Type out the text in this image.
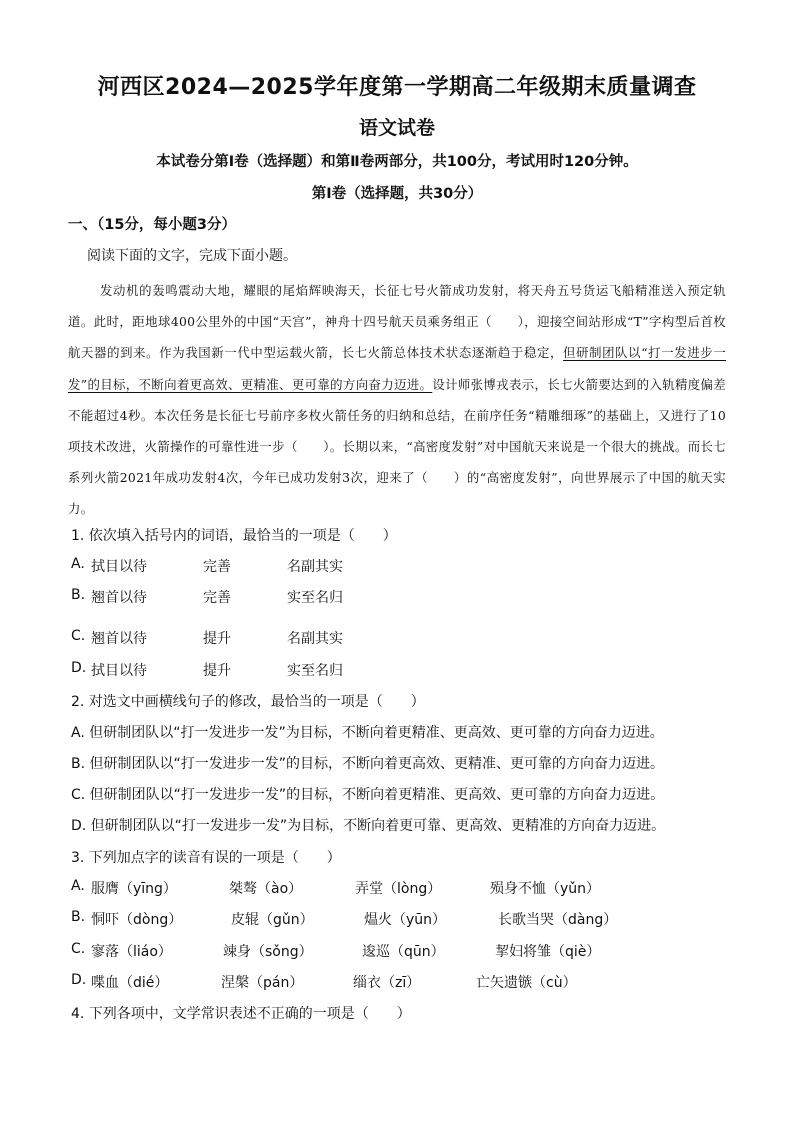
河西区2024—2025学年度第一学期高二年级期末质量调查
语文试卷
本试卷分第Ⅰ卷（选择题）和第Ⅱ卷两部分，共100分，考试用时120分钟。
第Ⅰ卷（选择题，共30分）
一、（15分，每小题3分）
阅读下面的文字，完成下面小题。
发动机的轰鸣震动大地，耀眼的尾焰辉映海天，长征七号火箭成功发射，将天舟五号货运飞船精准送入预定轨道。此时，距地球400公里外的中国“天宫”，神舟十四号航天员乘务组正（　　），迎接空间站形成“T”字构型后首枚航天器的到来。作为我国新一代中型运载火箭，长七火箭总体技术状态逐渐趋于稳定，但研制团队以“打一发进步一发”的目标，不断向着更高效、更精准、更可靠的方向奋力迈进。设计师张博戎表示，长七火箭要达到的入轨精度偏差不能超过4秒。本次任务是长征七号前序多枚火箭任务的归纳和总结，在前序任务“精雕细琢”的基础上，又进行了10项技术改进，火箭操作的可靠性进一步（　　）。长期以来，“高密度发射”对中国航天来说是一个很大的挑战。而长七系列火箭2021年成功发射4次，今年已成功发射3次，迎来了（　　）的“高密度发射”，向世界展示了中国的航天实力。
1. 依次填入括号内的词语，最恰当的一项是（　　）
A. 拭目以待	完善	名副其实
B. 翘首以待	完善	实至名归
C. 翘首以待	提升	名副其实
D. 拭目以待	提升	实至名归
2. 对选文中画横线句子的修改，最恰当的一项是（　　）
A. 但研制团队以“打一发进步一发”为目标，不断向着更精准、更高效、更可靠的方向奋力迈进。
B. 但研制团队以“打一发进步一发”的目标，不断向着更高效、更精准、更可靠的方向奋力迈进。
C. 但研制团队以“打一发进步一发”的目标，不断向着更精准、更高效、更可靠的方向奋力迈进。
D. 但研制团队以“打一发进步一发”为目标，不断向着更可靠、更高效、更精准的方向奋力迈进。
3. 下列加点字的读音有误的一项是（　　）
A. 服膺（yīng）	桀骜（ào）	弄堂（lòng）	殒身不恤（yǔn）
B. 恫吓（dòng）	皮辊（gǔn）	煴火（yūn）	长歌当哭（dàng）
C. 寥落（liáo）	竦身（sǒng）	逡巡（qūn）	挈妇将雏（qiè）
D. 喋血（dié）	涅槃（pán）	缁衣（zī）	亡矢遗镞（cù）
4. 下列各项中，文学常识表述不正确的一项是（　　）
